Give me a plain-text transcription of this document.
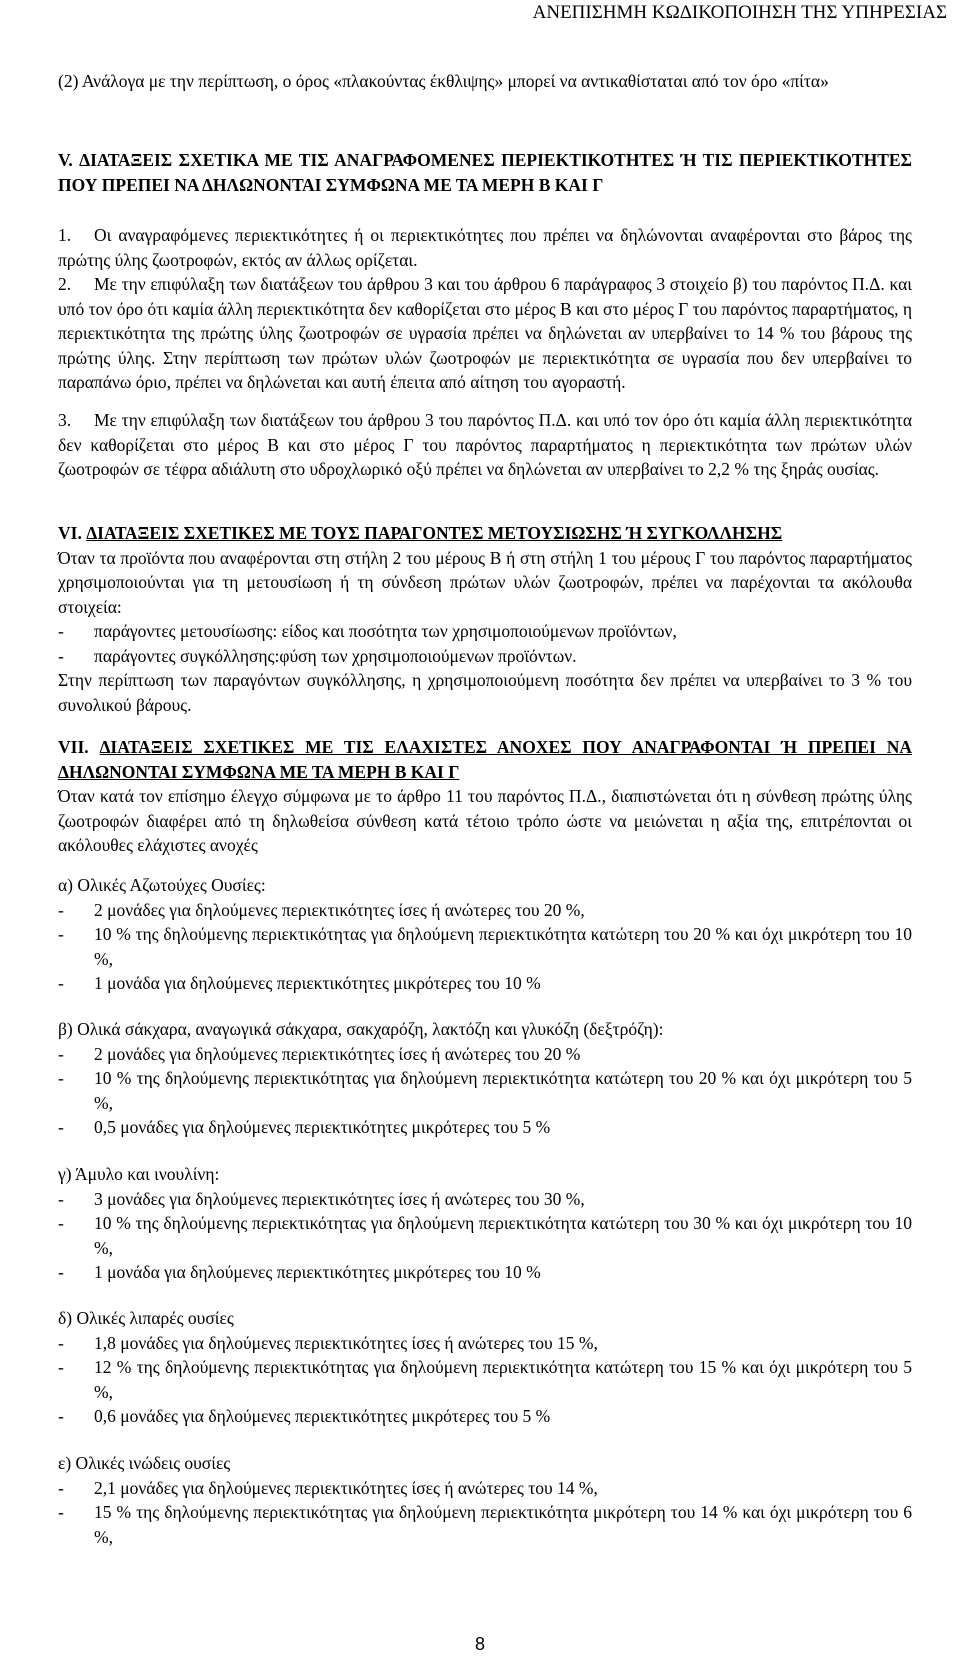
ΑΝΕΠΙΣΗΜΗ ΚΩΔΙΚΟΠΟΙΗΣΗ ΤΗΣ ΥΠΗΡΕΣΙΑΣ
(2) Ανάλογα με την περίπτωση, ο όρος «πλακούντας έκθλιψης» μπορεί να αντικαθίσταται από τον όρο «πίτα»

V. ΔΙΑΤΑΞΕΙΣ ΣΧΕΤΙΚΑ ΜΕ ΤΙΣ ΑΝΑΓΡΑΦΟΜΕΝΕΣ ΠΕΡΙΕΚΤΙΚΟΤΗΤΕΣ Ή ΤΙΣ ΠΕΡΙΕΚΤΙΚΟΤΗΤΕΣ ΠΟΥ ΠΡΕΠΕΙ ΝΑ ΔΗΛΩΝΟΝΤΑΙ ΣΥΜΦΩΝΑ ΜΕ ΤΑ ΜΕΡΗ Β ΚΑΙ Γ

1. Οι αναγραφόμενες περιεκτικότητες ή οι περιεκτικότητες που πρέπει να δηλώνονται αναφέρονται στο βάρος της πρώτης ύλης ζωοτροφών, εκτός αν άλλως ορίζεται.

2. Με την επιφύλαξη των διατάξεων του άρθρου 3 και του άρθρου 6 παράγραφος 3 στοιχείο β) του παρόντος Π.Δ. και υπό τον όρο ότι καμία άλλη περιεκτικότητα δεν καθορίζεται στο μέρος Β και στο μέρος Γ του παρόντος παραρτήματος, η περιεκτικότητα της πρώτης ύλης ζωοτροφών σε υγρασία πρέπει να δηλώνεται αν υπερβαίνει το 14 % του βάρους της πρώτης ύλης. Στην περίπτωση των πρώτων υλών ζωοτροφών με περιεκτικότητα σε υγρασία που δεν υπερβαίνει το παραπάνω όριο, πρέπει να δηλώνεται και αυτή έπειτα από αίτηση του αγοραστή.

3. Με την επιφύλαξη των διατάξεων του άρθρου 3 του παρόντος Π.Δ. και υπό τον όρο ότι καμία άλλη περιεκτικότητα δεν καθορίζεται στο μέρος Β και στο μέρος Γ του παρόντος παραρτήματος η περιεκτικότητα των πρώτων υλών ζωοτροφών σε τέφρα αδιάλυτη στο υδροχλωρικό οξύ πρέπει να δηλώνεται αν υπερβαίνει το 2,2 % της ξηράς ουσίας.

VI. ΔΙΑΤΑΞΕΙΣ ΣΧΕΤΙΚΕΣ ΜΕ ΤΟΥΣ ΠΑΡΑΓΟΝΤΕΣ ΜΕΤΟΥΣΙΩΣΗΣ Ή ΣΥΓΚΟΛΛΗΣΗΣ

Όταν τα προϊόντα που αναφέρονται στη στήλη 2 του μέρους Β ή στη στήλη 1 του μέρους Γ του παρόντος παραρτήματος χρησιμοποιούνται για τη μετουσίωση ή τη σύνδεση πρώτων υλών ζωοτροφών, πρέπει να παρέχονται τα ακόλουθα στοιχεία:

- παράγοντες μετουσίωσης: είδος και ποσότητα των χρησιμοποιούμενων προϊόντων,
- παράγοντες συγκόλλησης:φύση των χρησιμοποιούμενων προϊόντων.

Στην περίπτωση των παραγόντων συγκόλλησης, η χρησιμοποιούμενη ποσότητα δεν πρέπει να υπερβαίνει το 3 % του συνολικού βάρους.

VII. ΔΙΑΤΑΞΕΙΣ ΣΧΕΤΙΚΕΣ ΜΕ ΤΙΣ ΕΛΑΧΙΣΤΕΣ ΑΝΟΧΕΣ ΠΟΥ ΑΝΑΓΡΑΦΟΝΤΑΙ Ή ΠΡΕΠΕΙ ΝΑ ΔΗΛΩΝΟΝΤΑΙ ΣΥΜΦΩΝΑ ΜΕ ΤΑ ΜΕΡΗ Β ΚΑΙ Γ

Όταν κατά τον επίσημο έλεγχο σύμφωνα με το άρθρο 11 του παρόντος Π.Δ., διαπιστώνεται ότι η σύνθεση πρώτης ύλης ζωοτροφών διαφέρει από τη δηλωθείσα σύνθεση κατά τέτοιο τρόπο ώστε να μειώνεται η αξία της, επιτρέπονται οι ακόλουθες ελάχιστες ανοχές

α) Ολικές Αζωτούχες Ουσίες:

- 2 μονάδες για δηλούμενες περιεκτικότητες ίσες ή ανώτερες του 20 %,
- 10 % της δηλούμενης περιεκτικότητας για δηλούμενη περιεκτικότητα κατώτερη του 20 % και όχι μικρότερη του 10 %,
- 1 μονάδα για δηλούμενες περιεκτικότητες μικρότερες του 10 %

β) Ολικά σάκχαρα, αναγωγικά σάκχαρα, σακχαρόζη, λακτόζη και γλυκόζη (δεξτρόζη):

- 2 μονάδες για δηλούμενες περιεκτικότητες ίσες ή ανώτερες του 20 %
- 10 % της δηλούμενης περιεκτικότητας για δηλούμενη περιεκτικότητα κατώτερη του 20 % και όχι μικρότερη του 5 %,
- 0,5 μονάδες για δηλούμενες περιεκτικότητες μικρότερες του 5 %

γ) Άμυλο και ινουλίνη:

- 3 μονάδες για δηλούμενες περιεκτικότητες ίσες ή ανώτερες του 30 %,
- 10 % της δηλούμενης περιεκτικότητας για δηλούμενη περιεκτικότητα κατώτερη του 30 % και όχι μικρότερη του 10 %,
- 1 μονάδα για δηλούμενες περιεκτικότητες μικρότερες του 10 %

δ) Ολικές λιπαρές ουσίες

- 1,8 μονάδες για δηλούμενες περιεκτικότητες ίσες ή ανώτερες του 15 %,
- 12 % της δηλούμενης περιεκτικότητας για δηλούμενη περιεκτικότητα κατώτερη του 15 % και όχι μικρότερη του 5 %,
- 0,6 μονάδες για δηλούμενες περιεκτικότητες μικρότερες του 5 %

ε) Ολικές ινώδεις ουσίες

- 2,1 μονάδες για δηλούμενες περιεκτικότητες ίσες ή ανώτερες του 14 %,
- 15 % της δηλούμενης περιεκτικότητας για δηλούμενη περιεκτικότητα μικρότερη του 14 % και όχι μικρότερη του 6 %,
8
